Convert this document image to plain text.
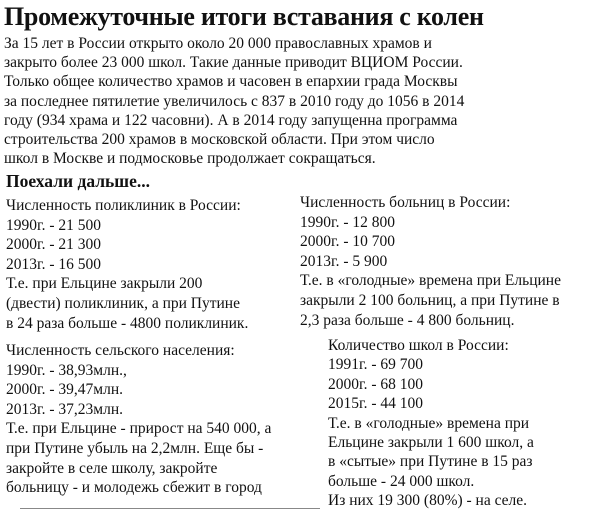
Промежуточные итоги вставания с колен
За 15 лет в России открыто около 20 000 православных храмов и
закрыто более 23 000 школ. Такие данные приводит ВЦИОМ России.
Только общее количество храмов и часовен в епархии града Москвы
за последнее пятилетие увеличилось с 837 в 2010 году до 1056 в 2014
году (934 храма и 122 часовни). А в 2014 году запущенна программа
строительства 200 храмов в московской области. При этом число
школ в Москве и подмосковье продолжает сокращаться.
Поехали дальше...
Численность поликлиник в России:
1990г. - 21 500
2000г. - 21 300
2013г. - 16 500
Т.е. при Ельцине закрыли 200
(двести) поликлиник, а при Путине
в 24 раза больше - 4800 поликлиник.
Численность больниц в России:
1990г. - 12 800
2000г. - 10 700
2013г. - 5 900
Т.е. в «голодные» времена при Ельцине
закрыли 2 100 больниц, а при Путине в
2,3 раза больше - 4 800 больниц.
Численность сельского населения:
1990г. - 38,93млн.,
2000г. - 39,47млн.
2013г. - 37,23млн.
Т.е. при Ельцине - прирост на 540 000, а
при Путине убыль на 2,2млн. Еще бы -
закройте в селе школу, закройте
больницу - и молодежь сбежит в город
Количество школ в России:
1991г. - 69 700
2000г. - 68 100
2015г. - 44 100
Т.е. в «голодные» времена при
Ельцине закрыли 1 600 школ, а
в «сытые» при Путине в 15 раз
больше - 24 000 школ.
Из них 19 300 (80%) - на селе.
